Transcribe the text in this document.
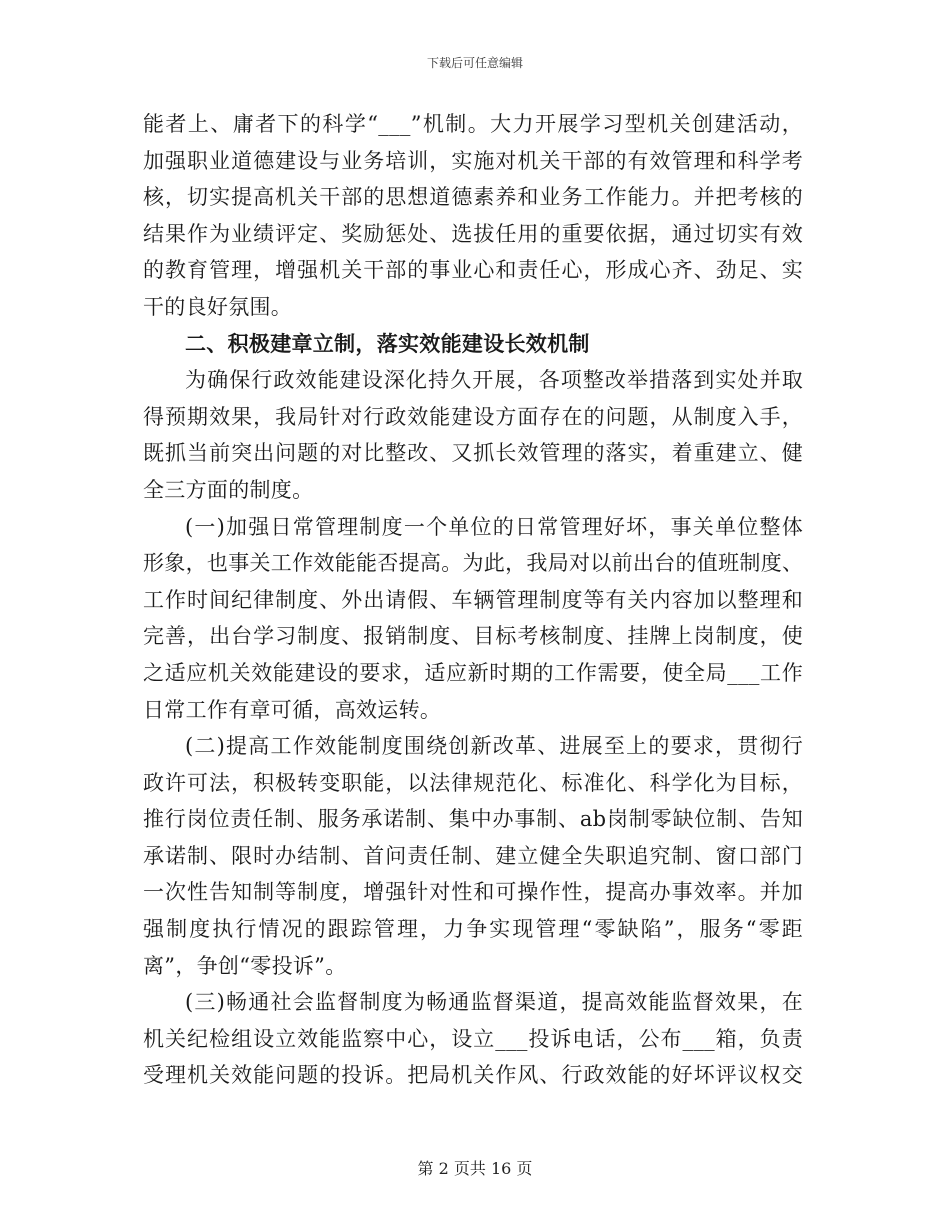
下载后可任意编辑
能者上、庸者下的科学“___”机制。大力开展学习型机关创建活动，
加强职业道德建设与业务培训，实施对机关干部的有效管理和科学考
核，切实提高机关干部的思想道德素养和业务工作能力。并把考核的
结果作为业绩评定、奖励惩处、选拔任用的重要依据，通过切实有效
的教育管理，增强机关干部的事业心和责任心，形成心齐、劲足、实
干的良好氛围。
二、积极建章立制，落实效能建设长效机制
为确保行政效能建设深化持久开展，各项整改举措落到实处并取
得预期效果，我局针对行政效能建设方面存在的问题，从制度入手，
既抓当前突出问题的对比整改、又抓长效管理的落实，着重建立、健
全三方面的制度。
(一)加强日常管理制度一个单位的日常管理好坏，事关单位整体
形象，也事关工作效能能否提高。为此，我局对以前出台的值班制度、
工作时间纪律制度、外出请假、车辆管理制度等有关内容加以整理和
完善，出台学习制度、报销制度、目标考核制度、挂牌上岗制度，使
之适应机关效能建设的要求，适应新时期的工作需要，使全局___工作
日常工作有章可循，高效运转。
(二)提高工作效能制度围绕创新改革、进展至上的要求，贯彻行
政许可法，积极转变职能，以法律规范化、标准化、科学化为目标，
推行岗位责任制、服务承诺制、集中办事制、ab岗制零缺位制、告知
承诺制、限时办结制、首问责任制、建立健全失职追究制、窗口部门
一次性告知制等制度，增强针对性和可操作性，提高办事效率。并加
强制度执行情况的跟踪管理，力争实现管理“零缺陷”，服务“零距
离”，争创“零投诉”。
(三)畅通社会监督制度为畅通监督渠道，提高效能监督效果，在
机关纪检组设立效能监察中心，设立___投诉电话，公布___箱，负责
受理机关效能问题的投诉。把局机关作风、行政效能的好坏评议权交
第 2 页共 16 页
